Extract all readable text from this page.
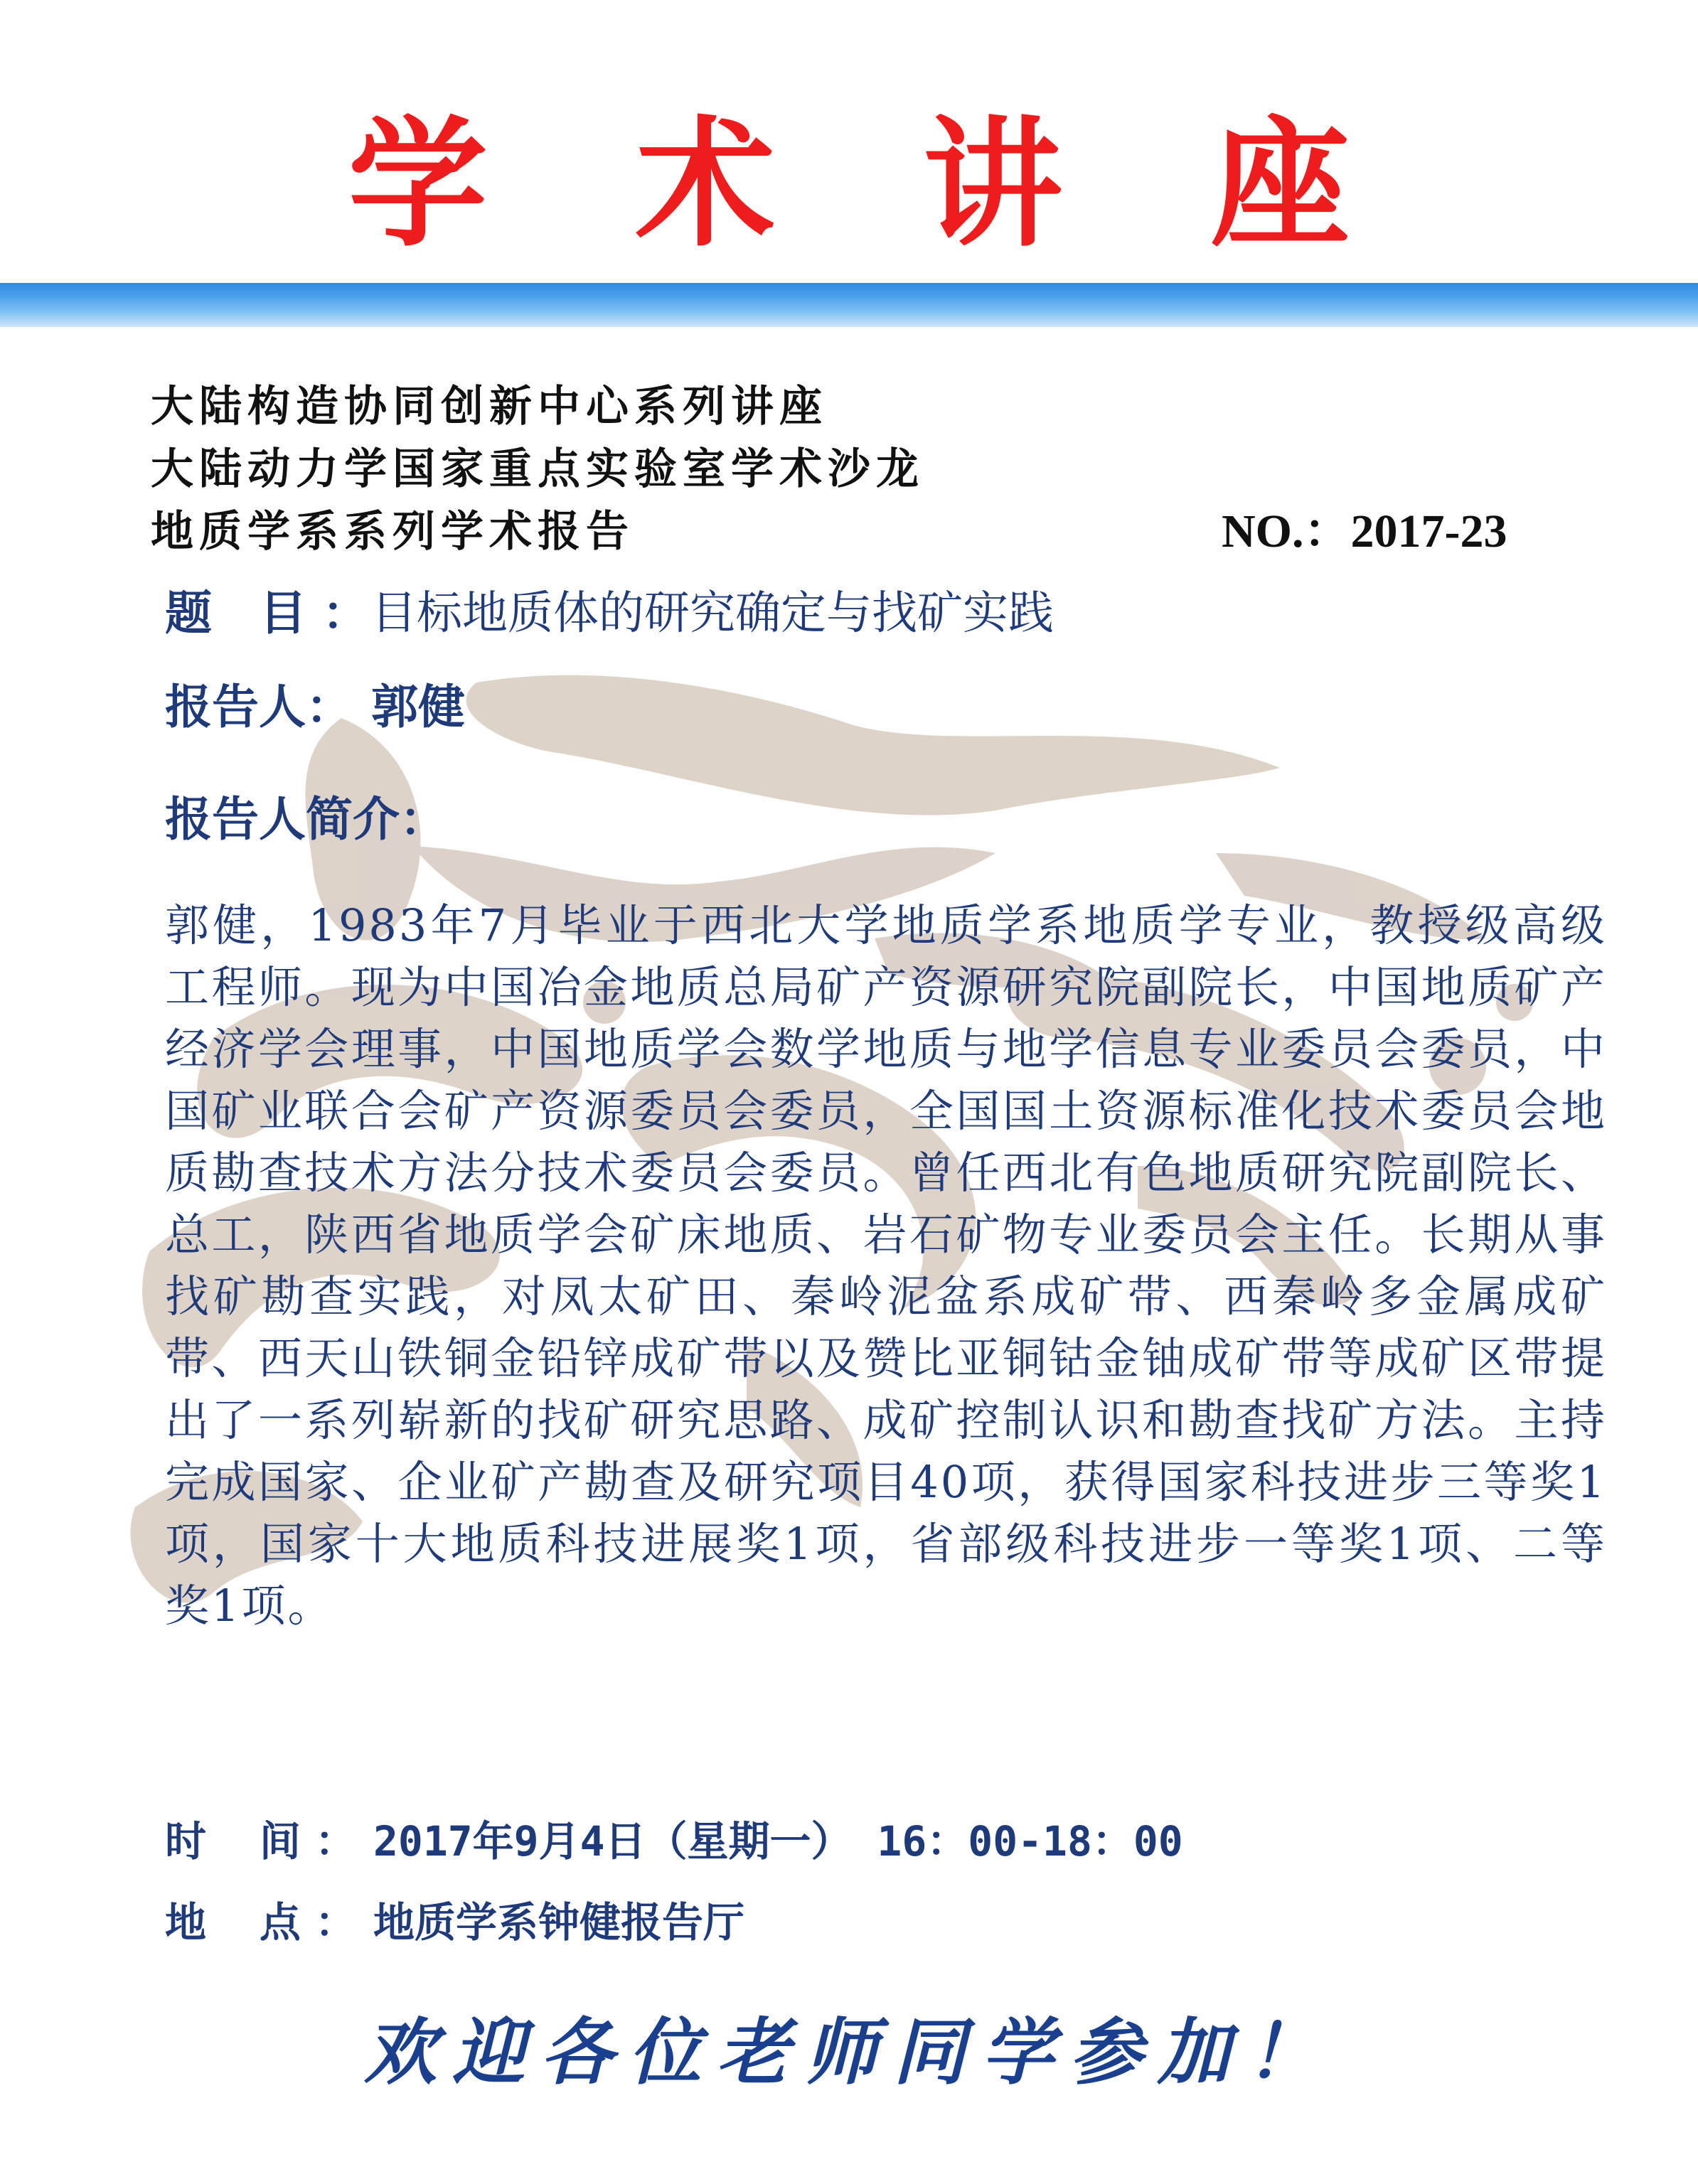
学 术 讲 座
大陆构造协同创新中心系列讲座
大陆动力学国家重点实验室学术沙龙
地质学系系列学术报告	NO.：2017-23
题 目：
目标地质体的研究确定与找矿实践
报告人： 郭健
报告人简介：
郭健，1983年7月毕业于西北大学地质学系地质学专业，教授级高级工程师。现为中国冶金地质总局矿产资源研究院副院长，中国地质矿产经济学会理事，中国地质学会数学地质与地学信息专业委员会委员，中国矿业联合会矿产资源委员会委员，全国国土资源标准化技术委员会地质勘查技术方法分技术委员会委员。曾任西北有色地质研究院副院长、总工，陕西省地质学会矿床地质、岩石矿物专业委员会主任。长期从事找矿勘查实践，对凤太矿田、秦岭泥盆系成矿带、西秦岭多金属成矿带、西天山铁铜金铅锌成矿带以及赞比亚铜钴金铀成矿带等成矿区带提出了一系列崭新的找矿研究思路、成矿控制认识和勘查找矿方法。主持完成国家、企业矿产勘查及研究项目40项，获得国家科技进步三等奖1项，国家十大地质科技进展奖1项，省部级科技进步一等奖1项、二等奖1项。
时 间： 2017年9月4日（星期一） 16：00-18：00
地 点： 地质学系钟健报告厅
欢迎各位老师同学参加！
